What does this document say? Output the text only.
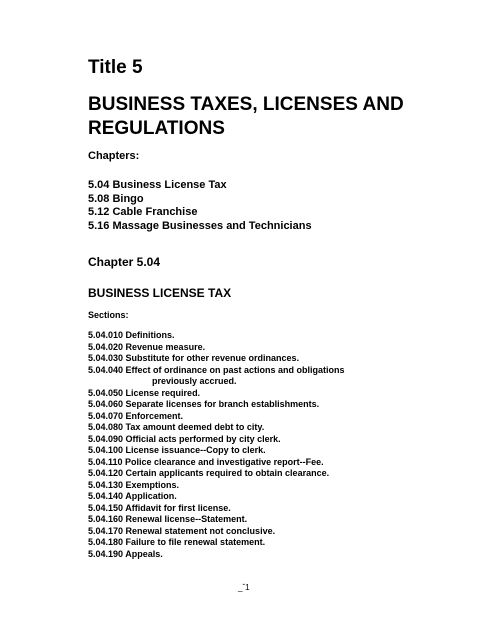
Title 5
BUSINESS TAXES, LICENSES AND REGULATIONS
Chapters:
5.04 Business License Tax
5.08 Bingo
5.12 Cable Franchise
5.16 Massage Businesses and Technicians
Chapter 5.04
BUSINESS LICENSE TAX
Sections:
5.04.010 Definitions.
5.04.020 Revenue measure.
5.04.030 Substitute for other revenue ordinances.
5.04.040 Effect of ordinance on past actions and obligations
previously accrued.
5.04.050 License required.
5.04.060 Separate licenses for branch establishments.
5.04.070 Enforcement.
5.04.080 Tax amount deemed debt to city.
5.04.090 Official acts performed by city clerk.
5.04.100 License issuance--Copy to clerk.
5.04.110 Police clearance and investigative report--Fee.
5.04.120 Certain applicants required to obtain clearance.
5.04.130 Exemptions.
5.04.140 Application.
5.04.150 Affidavit for first license.
5.04.160 Renewal license--Statement.
5.04.170 Renewal statement not conclusive.
5.04.180 Failure to file renewal statement.
5.04.190 Appeals.
_ˇ1
